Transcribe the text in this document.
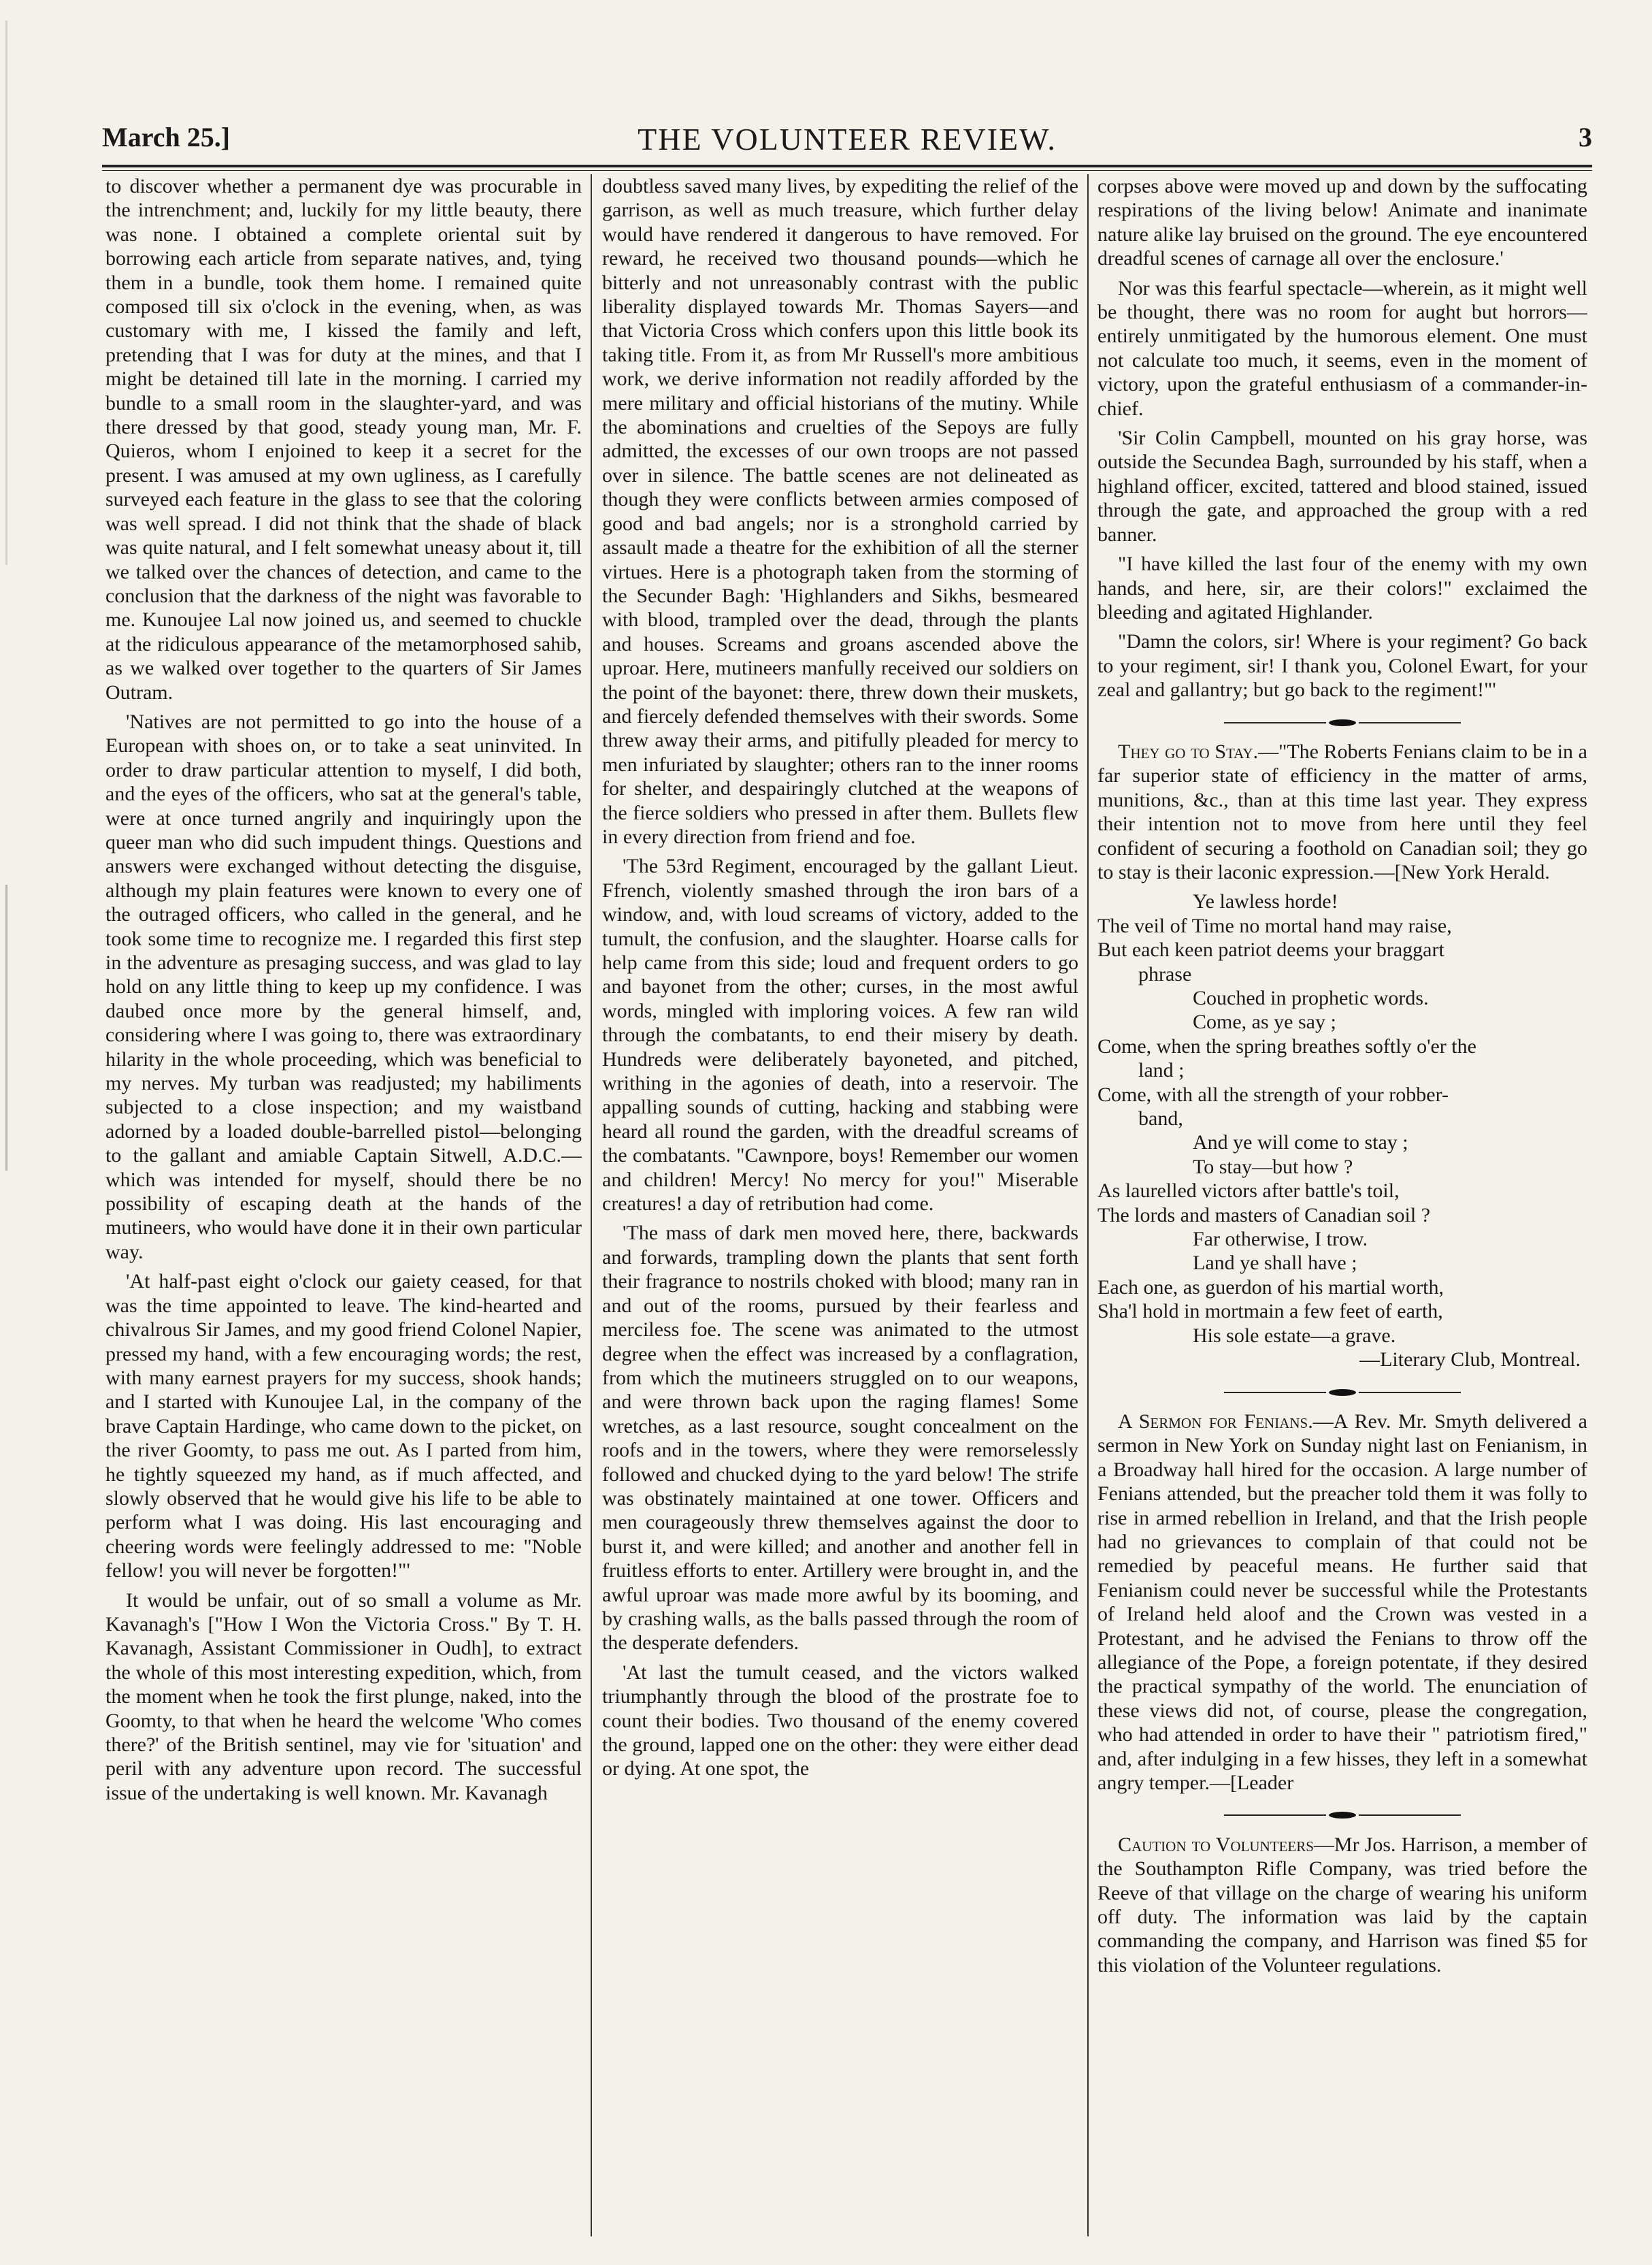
March 25.]	THE VOLUNTEER REVIEW.	3

to discover whether a permanent dye was procurable in the intrenchment; and, luckily for my little beauty, there was none. I obtained a complete oriental suit by borrowing each article from separate natives, and, tying them in a bundle, took them home. I remained quite composed till six o'clock in the evening, when, as was customary with me, I kissed the family and left, pretending that I was for duty at the mines, and that I might be detained till late in the morning. I carried my bundle to a small room in the slaughter-yard, and was there dressed by that good, steady young man, Mr. F. Quieros, whom I enjoined to keep it a secret for the present. I was amused at my own ugliness, as I carefully surveyed each feature in the glass to see that the coloring was well spread. I did not think that the shade of black was quite natural, and I felt somewhat uneasy about it, till we talked over the chances of detection, and came to the conclusion that the darkness of the night was favorable to me. Kunoujee Lal now joined us, and seemed to chuckle at the ridiculous appearance of the metamorphosed sahib, as we walked over together to the quarters of Sir James Outram.

'Natives are not permitted to go into the house of a European with shoes on, or to take a seat uninvited. In order to draw particular attention to myself, I did both, and the eyes of the officers, who sat at the general's table, were at once turned angrily and inquiringly upon the queer man who did such impudent things. Questions and answers were exchanged without detecting the disguise, although my plain features were known to every one of the outraged officers, who called in the general, and he took some time to recognize me. I regarded this first step in the adventure as presaging success, and was glad to lay hold on any little thing to keep up my confidence. I was daubed once more by the general himself, and, considering where I was going to, there was extraordinary hilarity in the whole proceeding, which was beneficial to my nerves. My turban was readjusted; my habiliments subjected to a close inspection; and my waistband adorned by a loaded double-barrelled pistol—belonging to the gallant and amiable Captain Sitwell, A.D.C.—which was intended for myself, should there be no possibility of escaping death at the hands of the mutineers, who would have done it in their own particular way.

'At half-past eight o'clock our gaiety ceased, for that was the time appointed to leave. The kind-hearted and chivalrous Sir James, and my good friend Colonel Napier, pressed my hand, with a few encouraging words; the rest, with many earnest prayers for my success, shook hands; and I started with Kunoujee Lal, in the company of the brave Captain Hardinge, who came down to the picket, on the river Goomty, to pass me out. As I parted from him, he tightly squeezed my hand, as if much affected, and slowly observed that he would give his life to be able to perform what I was doing. His last encouraging and cheering words were feelingly addressed to me: "Noble fellow! you will never be forgotten!"'

It would be unfair, out of so small a volume as Mr. Kavanagh's ["How I Won the Victoria Cross." By T. H. Kavanagh, Assistant Commissioner in Oudh], to extract the whole of this most interesting expedition, which, from the moment when he took the first plunge, naked, into the Goomty, to that when he heard the welcome 'Who comes there?' of the British sentinel, may vie for 'situation' and peril with any adventure upon record. The successful issue of the undertaking is well known. Mr. Kavanagh

doubtless saved many lives, by expediting the relief of the garrison, as well as much treasure, which further delay would have rendered it dangerous to have removed. For reward, he received two thousand pounds—which he bitterly and not unreasonably contrast with the public liberality displayed towards Mr. Thomas Sayers—and that Victoria Cross which confers upon this little book its taking title. From it, as from Mr Russell's more ambitious work, we derive information not readily afforded by the mere military and official historians of the mutiny. While the abominations and cruelties of the Sepoys are fully admitted, the excesses of our own troops are not passed over in silence. The battle scenes are not delineated as though they were conflicts between armies composed of good and bad angels; nor is a stronghold carried by assault made a theatre for the exhibition of all the sterner virtues. Here is a photograph taken from the storming of the Secunder Bagh: 'Highlanders and Sikhs, besmeared with blood, trampled over the dead, through the plants and houses. Screams and groans ascended above the uproar. Here, mutineers manfully received our soldiers on the point of the bayonet: there, threw down their muskets, and fiercely defended themselves with their swords. Some threw away their arms, and pitifully pleaded for mercy to men infuriated by slaughter; others ran to the inner rooms for shelter, and despairingly clutched at the weapons of the fierce soldiers who pressed in after them. Bullets flew in every direction from friend and foe.

'The 53rd Regiment, encouraged by the gallant Lieut. Ffrench, violently smashed through the iron bars of a window, and, with loud screams of victory, added to the tumult, the confusion, and the slaughter. Hoarse calls for help came from this side; loud and frequent orders to go and bayonet from the other; curses, in the most awful words, mingled with imploring voices. A few ran wild through the combatants, to end their misery by death. Hundreds were deliberately bayoneted, and pitched, writhing in the agonies of death, into a reservoir. The appalling sounds of cutting, hacking and stabbing were heard all round the garden, with the dreadful screams of the combatants. "Cawnpore, boys! Remember our women and children! Mercy! No mercy for you!" Miserable creatures! a day of retribution had come.

'The mass of dark men moved here, there, backwards and forwards, trampling down the plants that sent forth their fragrance to nostrils choked with blood; many ran in and out of the rooms, pursued by their fearless and merciless foe. The scene was animated to the utmost degree when the effect was increased by a conflagration, from which the mutineers struggled on to our weapons, and were thrown back upon the raging flames! Some wretches, as a last resource, sought concealment on the roofs and in the towers, where they were remorselessly followed and chucked dying to the yard below! The strife was obstinately maintained at one tower. Officers and men courageously threw themselves against the door to burst it, and were killed; and another and another fell in fruitless efforts to enter. Artillery were brought in, and the awful uproar was made more awful by its booming, and by crashing walls, as the balls passed through the room of the desperate defenders.

'At last the tumult ceased, and the victors walked triumphantly through the blood of the prostrate foe to count their bodies. Two thousand of the enemy covered the ground, lapped one on the other: they were either dead or dying. At one spot, the

corpses above were moved up and down by the suffocating respirations of the living below! Animate and inanimate nature alike lay bruised on the ground. The eye encountered dreadful scenes of carnage all over the enclosure.'

Nor was this fearful spectacle—wherein, as it might well be thought, there was no room for aught but horrors—entirely unmitigated by the humorous element. One must not calculate too much, it seems, even in the moment of victory, upon the grateful enthusiasm of a commander-in-chief.

'Sir Colin Campbell, mounted on his gray horse, was outside the Secundea Bagh, surrounded by his staff, when a highland officer, excited, tattered and blood stained, issued through the gate, and approached the group with a red banner.

"I have killed the last four of the enemy with my own hands, and here, sir, are their colors!" exclaimed the bleeding and agitated Highlander.

"Damn the colors, sir! Where is your regiment? Go back to your regiment, sir! I thank you, Colonel Ewart, for your zeal and gallantry; but go back to the regiment!"'

They go to Stay.—"The Roberts Fenians claim to be in a far superior state of efficiency in the matter of arms, munitions, &c., than at this time last year. They express their intention not to move from here until they feel confident of securing a foothold on Canadian soil; they go to stay is their laconic expression.—[New York Herald.

Ye lawless horde!
The veil of Time no mortal hand may raise,
But each keen patriot deems your braggart
phrase
Couched in prophetic words.
Come, as ye say ;
Come, when the spring breathes softly o'er the
land ;
Come, with all the strength of your robber-
band,
And ye will come to stay ;
To stay—but how ?
As laurelled victors after battle's toil,
The lords and masters of Canadian soil ?
Far otherwise, I trow.
Land ye shall have ;
Each one, as guerdon of his martial worth,
Sha'l hold in mortmain a few feet of earth,
His sole estate—a grave.
—Literary Club, Montreal.

A Sermon for Fenians.—A Rev. Mr. Smyth delivered a sermon in New York on Sunday night last on Fenianism, in a Broadway hall hired for the occasion. A large number of Fenians attended, but the preacher told them it was folly to rise in armed rebellion in Ireland, and that the Irish people had no grievances to complain of that could not be remedied by peaceful means. He further said that Fenianism could never be successful while the Protestants of Ireland held aloof and the Crown was vested in a Protestant, and he advised the Fenians to throw off the allegiance of the Pope, a foreign potentate, if they desired the practical sympathy of the world. The enunciation of these views did not, of course, please the congregation, who had attended in order to have their " patriotism fired," and, after indulging in a few hisses, they left in a somewhat angry temper.—[Leader

Caution to Volunteers—Mr Jos. Harrison, a member of the Southampton Rifle Company, was tried before the Reeve of that village on the charge of wearing his uniform off duty. The information was laid by the captain commanding the company, and Harrison was fined $5 for this violation of the Volunteer regulations.
